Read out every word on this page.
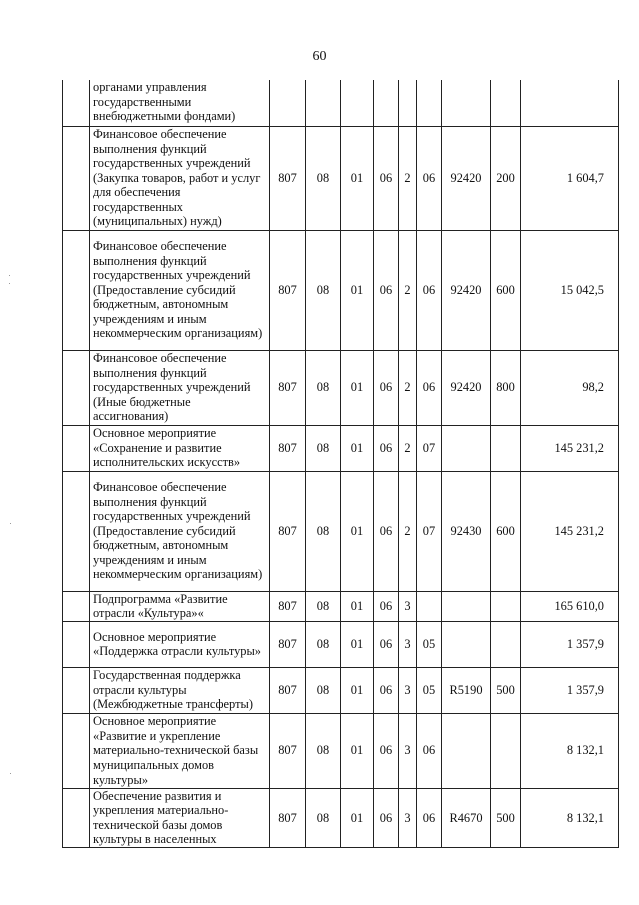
60
	органами управления государственными внебюджетными фондами)									
	Финансовое обеспечение выполнения функций государственных учреждений (Закупка товаров, работ и услуг для обеспечения государственных (муниципальных) нужд)	807	08	01	06	2	06	92420	200	1 604,7
	Финансовое обеспечение выполнения функций государственных учреждений (Предоставление субсидий бюджетным, автономным учреждениям и иным некоммерческим организациям)	807	08	01	06	2	06	92420	600	15 042,5
	Финансовое обеспечение выполнения функций государственных учреждений (Иные бюджетные ассигнования)	807	08	01	06	2	06	92420	800	98,2
	Основное мероприятие «Сохранение и развитие исполнительских искусств»	807	08	01	06	2	07			145 231,2
	Финансовое обеспечение выполнения функций государственных учреждений (Предоставление субсидий бюджетным, автономным учреждениям и иным некоммерческим организациям)	807	08	01	06	2	07	92430	600	145 231,2
	Подпрограмма «Развитие отрасли «Культура»«	807	08	01	06	3				165 610,0
	Основное мероприятие «Поддержка отрасли культуры»	807	08	01	06	3	05			1 357,9
	Государственная поддержка отрасли культуры (Межбюджетные трансферты)	807	08	01	06	3	05	R5190	500	1 357,9
	Основное мероприятие «Развитие и укрепление материально-технической базы муниципальных домов культуры»	807	08	01	06	3	06			8 132,1
	Обеспечение развития и укрепления материально-технической базы домов культуры в населенных	807	08	01	06	3	06	R4670	500	8 132,1
